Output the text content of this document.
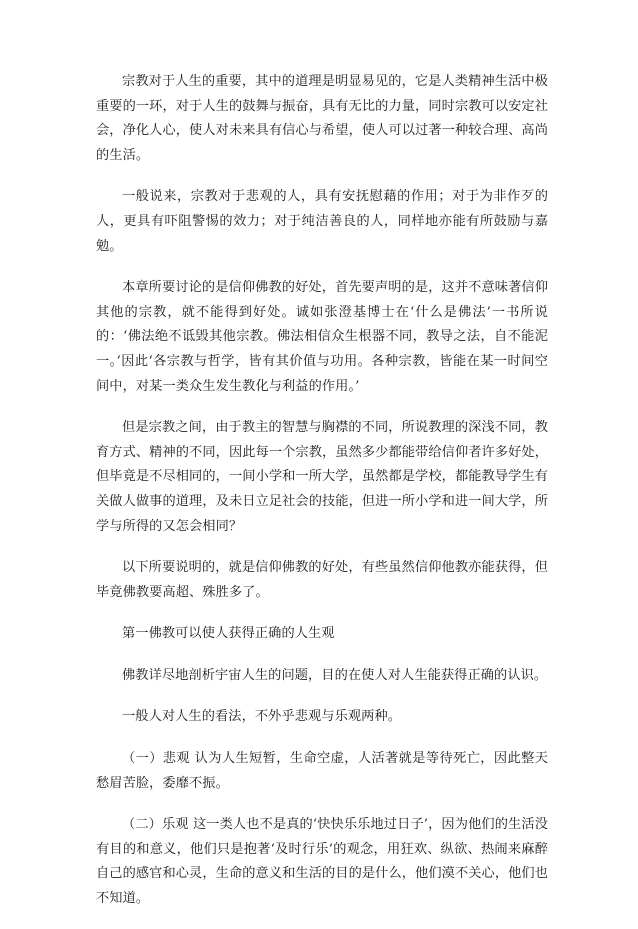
宗教对于人生的重要，其中的道理是明显易见的，它是人类精神生活中极重要的一环，对于人生的鼓舞与振奋，具有无比的力量，同时宗教可以安定社会，净化人心，使人对未来具有信心与希望，使人可以过著一种较合理、高尚的生活。

一般说来，宗教对于悲观的人，具有安抚慰藉的作用；对于为非作歹的人，更具有吓阻警惕的效力；对于纯洁善良的人，同样地亦能有所鼓励与嘉勉。

本章所要讨论的是信仰佛教的好处，首先要声明的是，这并不意味著信仰其他的宗教，就不能得到好处。诚如张澄基博士在‘什么是佛法’一书所说的：‘佛法绝不诋毁其他宗教。佛法相信众生根器不同，教导之法，自不能泥一。’因此‘各宗教与哲学，皆有其价值与功用。各种宗教，皆能在某一时间空间中，对某一类众生发生教化与利益的作用。’

但是宗教之间，由于教主的智慧与胸襟的不同，所说教理的深浅不同，教育方式、精神的不同，因此每一个宗教，虽然多少都能带给信仰者许多好处，但毕竟是不尽相同的，一间小学和一所大学，虽然都是学校，都能教导学生有关做人做事的道理，及未日立足社会的技能，但进一所小学和进一间大学，所学与所得的又怎会相同？

以下所要说明的，就是信仰佛教的好处，有些虽然信仰他教亦能获得，但毕竟佛教要高超、殊胜多了。

第一佛教可以使人获得正确的人生观

佛教详尽地剖析宇宙人生的问题，目的在使人对人生能获得正确的认识。

一般人对人生的看法，不外乎悲观与乐观两种。

（一）悲观 认为人生短暂，生命空虚，人活著就是等待死亡，因此整天愁眉苦脸，委靡不振。

（二）乐观 这一类人也不是真的‘快快乐乐地过日子’，因为他们的生活没有目的和意义，他们只是抱著‘及时行乐’的观念，用狂欢、纵欲、热闹来麻醉自己的感官和心灵，生命的意义和生活的目的是什么，他们漠不关心，他们也不知道。
